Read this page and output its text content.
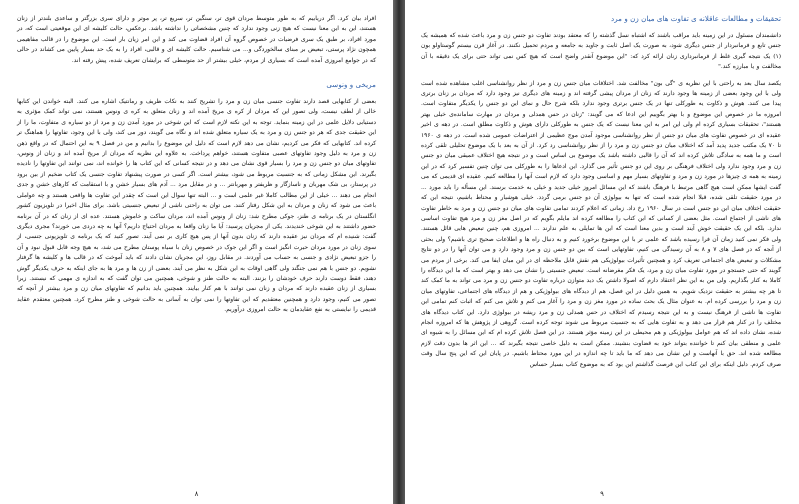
افراد بیان کرد. اگر دریابیم که به طور متوسط مردان قوی تر، سنگین تر، سریع تر، پر موتر و دارای سری بزرگتر و ساعدی بلندتر از زنان هستند، این به این معنا نیست که هیچ زنی وجود ندارد که چنین مشخصاتی را نداشته باشد. برعکس، حالت کلیشه ای این موقعیتی است که، در مورد افراد، بر طبق یک سری فرضیات در خصوص گروه آن افراد قضاوت می کند و این امر زیان بار است. این موضوع را در قالب مفاهیمی همچون نژاد پرستی، تبعیض بر مبنای سالخوردگی و... می شناسیم. حالت کلیشه ای و قالبی، افراد را به یک حد بسیار پایین می کشاند در حالی که در جوامع امروزی آمده است که بسیاری از مردم، خیلی بیشتر از حد متوسطی که برایشان تعریف شده، پیش رفته اند.

مریخی و ونوسی

بعضی از کتابهایی قصد دارند تفاوت جنسی میان زن و مرد را تشریح کنند به نکات ظریف و رمانتیک اشاره می کنند. البته خواندن این کتابها خالی از لطف نیست، ولی تصور این که مردان از کره ی مریخ آمده اند و زنان متعلق به کره ی ونوس هستند، نمی تواند کمک مؤثری به دستیابی دلایل علمی در این زمینه بنماید. توجه به این نکته لازم است که این شوخی در مورد آمدن زن و مرد از دو سیاره ی متفاوت، ما را از این حقیقت جدی که هر دو جنس زن و مرد به یک سیاره متعلق شده اند و نگاه می گویند، دور می کند، ولی با این وجود، تفاوتها را هماهنگ تر کرده اند. کتابهایی که فکر می کردیم، نشان می دهد لازم است که دلیل این موضوع را بدانیم و من در فصل ۹ به این احتمال که در واقع ذهن زن و مرد به دلیل وجود تفاوتهای عصبی متفاوت هستند، خواهم پرداخت. به علاوه این نظریه که مردان از مریخ آمده اند و زنان از ونوس، تفاوتهای میان دو جنس زن و مرد را بسیار قوی نشان می دهد و در نتیجه کسانی که این کتاب ها را خوانده اند، نمی توانند این تفاوتها را نادیده بگیرند. این مشکل زمانی که به جنسیت مربوط می شود، بیشتر است. اگر کسی در صورت پیشنهاد تفاوت جنسی یک کتاب ضخیم از بین برود در پرستار، بی شک مهربان و ناسازگار و ظریفتر و مهربانتر ... و در مقابل مرد ... آدم های بسیار خشن و با استقامت که کارهای خشن و جدی انجام می دهند ... خیلی از این مطالب کاملا غیر علمی است و ... البته تنها سوال این است که چقدر این تفاوت ها واقعی هستند و چه عواملی باعث می شود که زنان و مردان به این شکل رفتار کنند. می توان به راحتی ناشی از تبعیض جنسیتی باشد. برای مثال اخیرا در تلویزیون کشور انگلستان در یک برنامه ی طنز، جوکی مطرح شد: زنان از ونوس آمده اند، مردان ساکت و خاموش هستند. عده ای از زنان که در آن برنامه حضور داشتند به این شوخی خندیدند. یکی از مجریان پرسید: آیا ما زنان واقعا به مردان احتیاج داریم؟ آنها به چه دردی می خورند؟ مجری دیگری گفت: شنیده ام که مردان نیز عقیده دارند که زنان بدون آنها از پس هیچ کاری بر نمی آیند. تصور کنید که یک برنامه ی تلویزیونی جنسی، از سوی زنان در مورد مردان حیرت انگیز است و اگر این جوک در خصوص زنان با سیاه پوستان مطرح می شد، به هیچ وجه قابل قبول نبود و آن را جزو تبعیض نژادی و جنسی به حساب می آوردند. در مقابل روز، این مجریان نشان دادند که باید آموخت که در قالب ها و کلیشه ها گرفتار نشویم. دو جنس با هم نمی جنگند ولی گاهی اوقات به این شکل به نظر می آیند. بعضی از زن ها و مرد ها به جای اینکه به حرف یکدیگر گوش دهند، فقط دوست دارند حرف خودشان را بزنند. البته به حالت طنز و شوخی، همچنین می توان گفت که به اندازه ی مهمی که نیستند. زیرا بسیاری از زنان عقیده دارند که مردان و زنان نمی توانند با هم کنار بیایند. همچنین باید بدانیم که تفاوتهای میان زن و مرد بیشتر از آنچه که تصور می کنیم، وجود دارد و همچنین معتقدیم که این تفاوتها را نمی توان به آسانی به حالت شوخی و طنز مطرح کرد. همچنین معتقدم عقاید قدیمی را نبایستی به نفع عقایدمان به حالت امروزی درآوریم.

٨
تحقیقات و مطالعات عاقلانه ی تفاوت های میان زن و مرد

دانشمندان مسئول در این زمینه باید مراقب باشند که اشتباه نسل گذشته را که معتقد بودند تفاوت دو جنس زن و مرد باعث شده که همیشه یک جنس تابع و فرمانبردار از جنس دیگری شود، به صورت یک اصل ثابت و جاوید به جامعه و مردم تحمیل نکنند. در آغاز قرن بیستم گوستاولو بون (۱) یک نتیجه گیری غلط از فرمانبرداری زنان ارائه کرد که: "این موضوع آنقدر واضح است که هیچ کس نمی تواند حتی برای یک دقیقه با آن مخالفت و یا مبارزه کند."

یکصد سال بعد به راحتی با این نظریه ی "گی بون" مخالفت شد. اختلافات میان جنس زن و مرد از نظر روانشناسی اغلب مشاهده شده است ولی با این وجود بعضی از زمینه ها وجود دارند که زنان از مردان پیشی گرفته اند و زمینه های دیگری نیز وجود دارد که مردان بر زنان برتری پیدا می کنند. هوش و ذکاوت یه طورکلی تنها در یک جنس برتری وجود ندارد بلکه شرح حال و نمای این دو جنس را یکدیگر متفاوت است. امروزه ما در خصوص این موضوع و با بهتر بگوییم این ادعا که می گویند: "زنان در حس همدلی و مردان در مهارت سامانده‌ی خیلی بهتر هستند"، تحقیقات بسیاری کرده ام ولی این امر به این معنا نیست که یک جنس به طورکلی دارای هوش و ذکاوت مطلق است. در دهه ی اخیر عقیده ای در خصوص تفاوت های میان دو جنس از نظر روانشناسی موجود آمدن موج عظیمی از اعتراضات عمومی شده است. در دهه ی ۱۹۶۰ تا ۷۰ یک مکتب جدید پدید آمد که اختلاف میان دو جنس زن و مرد را از نظر روانشناسی رد کرد. از آن به بعد با یک موضوع تحلیلی تلقی کرده است و ما همه به سادگی تلاش کرده اند که آن را قالبی داشته باشد یک موضوع بی اساس است و در نتیجه هیچ اختلاف عمیقی میان دو جنس زن و مرد وجود ندارد ولی اختلاف فرهنگی بر روی این دو جنس تأثیر می گذارد. این ادعاها را به طورکلی می توان چنین تفسیر کرد که در این زمینه به همه ی چیزها در مورد زن و مرد و تفاوتهای بسیار مهم و اساسی وجود دارد که لازم است آنها را مطالعه کنیم. عقیده ای قدیمی که می گفت ایشها ممکن است هیچ گاهی مرتبط با فرهنگ باشند که این مسائل امروز خیلی جدید و خیلی به خدمت برسند. این مسأله را باید مورد ... در مورد حقیقت تلقی شده، قبلا انجام شده است که تنها به بیولوژی آن دو جنس برمی گردد. خیلی هوشیار و محتاط باشیم، نتیجه این که حقیقت اختلاف میان این دو جنس است در سال ۱۹۶۰ رخ داد. زمانی که اعلام کردند تمامی تفاوت های میان دو جنس زن و مرد به خاطر تفاوت های ناشی از اجتماع است. مثل بعضی از کسانی که این کتاب را مطالعه کرده اند مایلم بگویم که در اصل مغز زن و مرد هیچ تفاوت اساسی ندارد. بلکه این یک حقیقت خوش آیند است و بدین معنا است که این ها تمایلی به علم ندارند ... امروزی هم، چنین تبعیض هایی قائل هستند. ولی فکر نمی کنید زمان آن فرا رسیده باشد که علمی تر با این موضوع برخورد کنیم و به دنبال راه ها و اطلاعات صحیح تری باشیم؟ ولی بحثی از آنجه که در فصل های ۷ و ۸ به آن رسیدگی می کنیم، تفاوتهایی است که بین دو جنس زن و مرد وجود دارد و می توان آنها را در دو نتایج مشکلات و تبعیض های اجتماعی تعریف کرد و همچنین تأثیرات بیولوژیکی هم نقش قابل ملاحظه ای در این میان ایفا می کند. برخی از مردم می گویند که حتی جستجو در مورد تفاوت میان زن و مرد، یک فکر مغرضانه است. تبعیض جنسیتی را نشان می دهد و بهتر است که ما این دیدگاه را کاملا به کنار بگذاریم. ولی من به این نظر اعتقاد دارم که اصولا داشتن یک دید متوازن درباره تفاوت دو جنس زن و مرد می تواند به ما کمک کند تا هر چه بیشتر به حقیقت نزدیک شویم. به همین دلیل در این فصل، هم از دیدگاه های بیولوژیکی و هم از دیدگاه های اجتماعی، تفاوتهای میان زن و مرد را بررسی کرده ام. به عنوان مثال یک بحث ساده در مورد مغز زن و مرد را آغاز می کنم و تلاش می کنم که اثبات کنم تمامی این تفاوت ها ناشی از فرهنگ نیست و به این نتیجه رسیدم که اختلاف در حس همدلی زن و مرد ریشه در بیولوژی دارد. این کتاب دیدگاه های مختلف را در کنار هم قرار می دهد و به تفاوت هایی که به جنسیت مربوط می شوند توجه کرده است. گروهی از پژوهش ها که امروزه انجام شده، نشان داده اند که هم عوامل بیولوژیکی و هم محیطی در این زمینه مؤثر هستند. در این فصل تلاش کرده ام که این مسائل را به شیوه ای علمی و منطقی بیان کنم تا خواننده بتواند خود به قضاوت بنشیند. ممکن است به دلیل خاصی نتیجه بگیرند که ... این اثر ها بدون دقت لازم مطالعه شده اند. حق با آنهاست و این نشان می دهد که ما باید تا چه اندازه در این مورد محتاط باشیم. در پایان این که این پنج سال وقت صرف کردم. دلیل اینکه برای این کتاب این فرصت گذاشتم این بود که به موضوع کتاب بسیار حساس

٩
